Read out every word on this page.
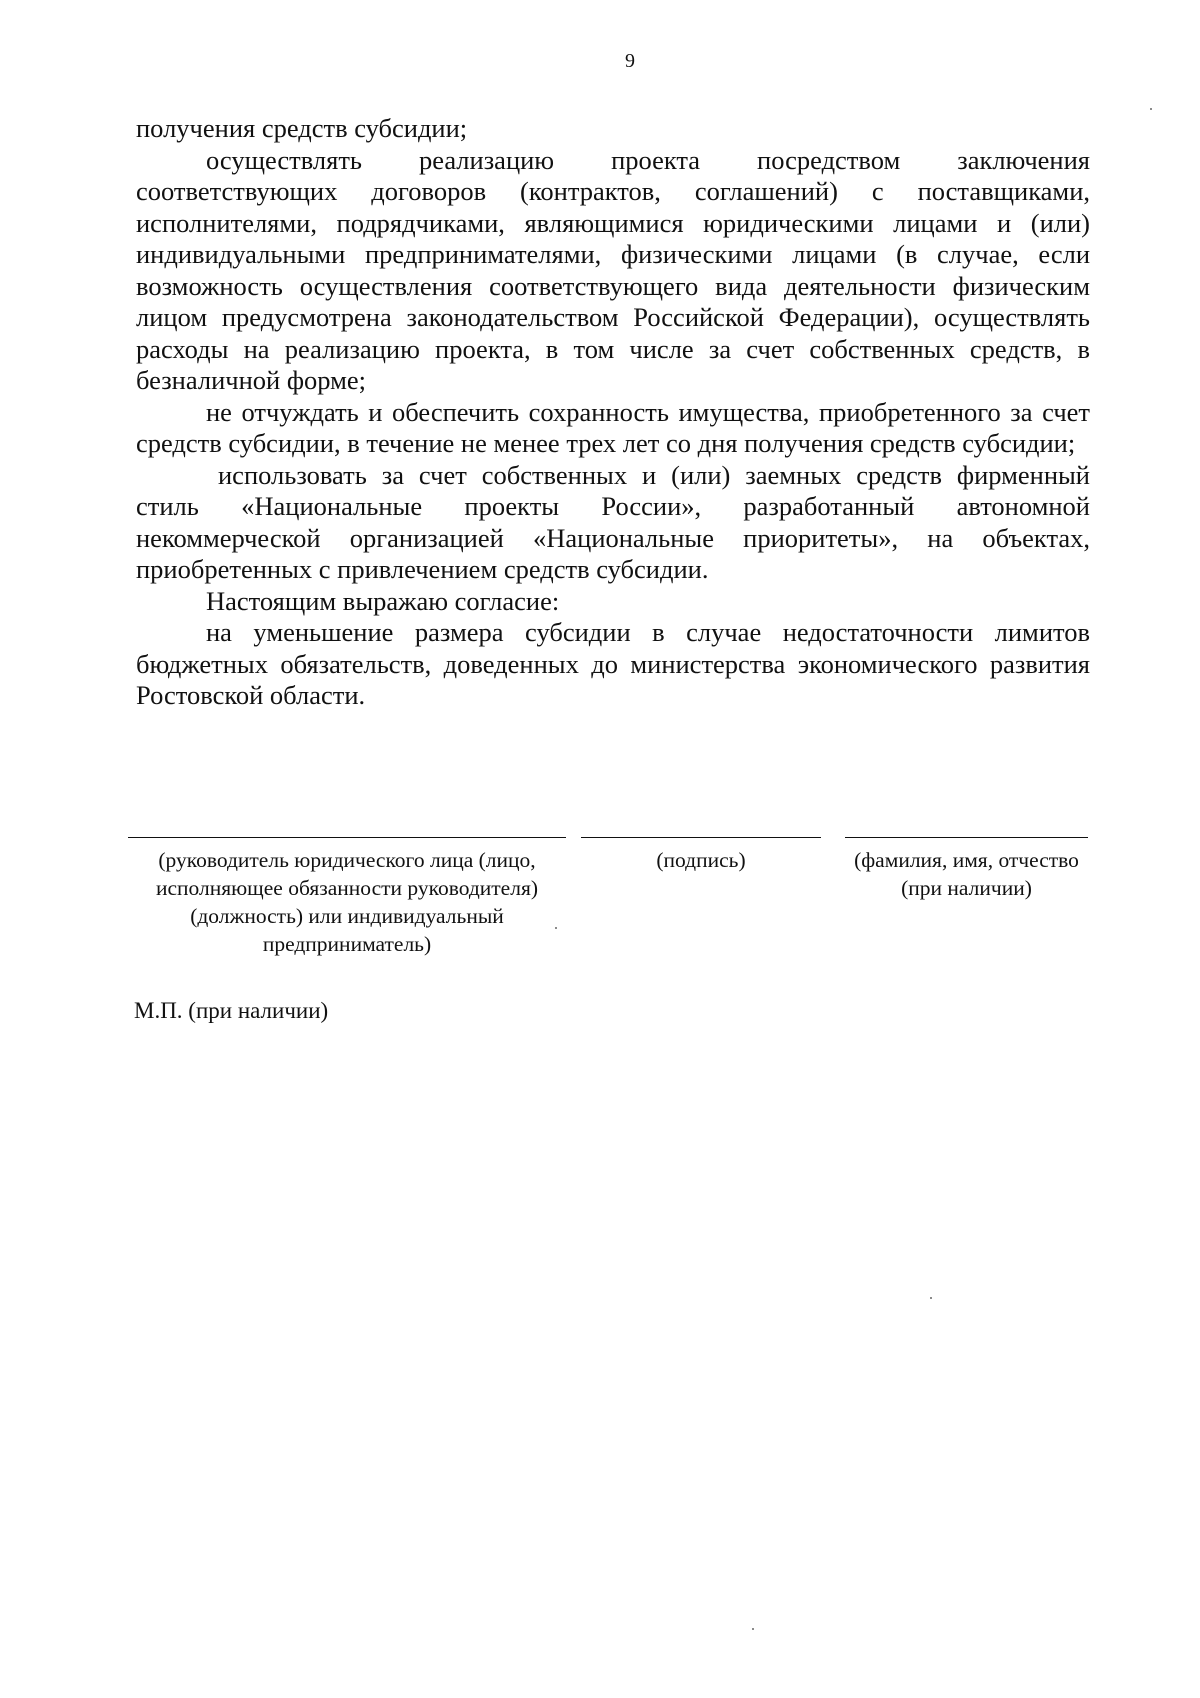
9

получения средств субсидии;

осуществлять реализацию проекта посредством заключения соответствующих договоров (контрактов, соглашений) с поставщиками, исполнителями, подрядчиками, являющимися юридическими лицами и (или) индивидуальными предпринимателями, физическими лицами (в случае, если возможность осуществления соответствующего вида деятельности физическим лицом предусмотрена законодательством Российской Федерации), осуществлять расходы на реализацию проекта, в том числе за счет собственных средств, в безналичной форме;

не отчуждать и обеспечить сохранность имущества, приобретенного за счет средств субсидии, в течение не менее трех лет со дня получения средств субсидии;

использовать за счет собственных и (или) заемных средств фирменный стиль «Национальные проекты России», разработанный автономной некоммерческой организацией «Национальные приоритеты», на объектах, приобретенных с привлечением средств субсидии.

Настоящим выражаю согласие:

на уменьшение размера субсидии в случае недостаточности лимитов бюджетных обязательств, доведенных до министерства экономического развития Ростовской области.

(руководитель юридического лица (лицо, исполняющее обязанности руководителя) (должность) или индивидуальный предприниматель)
(подпись)	(фамилия, имя, отчество (при наличии)
М.П. (при наличии)
